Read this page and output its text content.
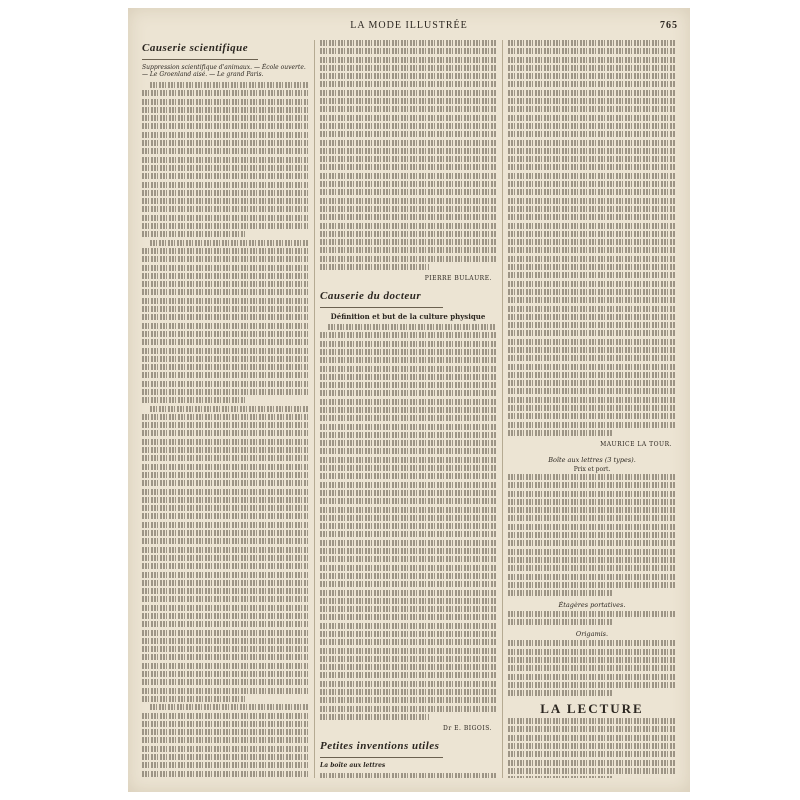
LA MODE ILLUSTRÉE	765
Causerie scientifique
Suppression scientifique d'animaux. — École ouverte. — Le Groenland aisé. — Le grand Paris.
PIERRE BULAURE.
Causerie du docteur
Définition et but de la culture physique
Dr E. BIGOIS.
Petites inventions utiles
La boîte aux lettres
MAURICE LA TOUR.
Boîte aux lettres (3 types).
Prix et port.
Étagères portatives.
Origamis.
LA LECTURE
